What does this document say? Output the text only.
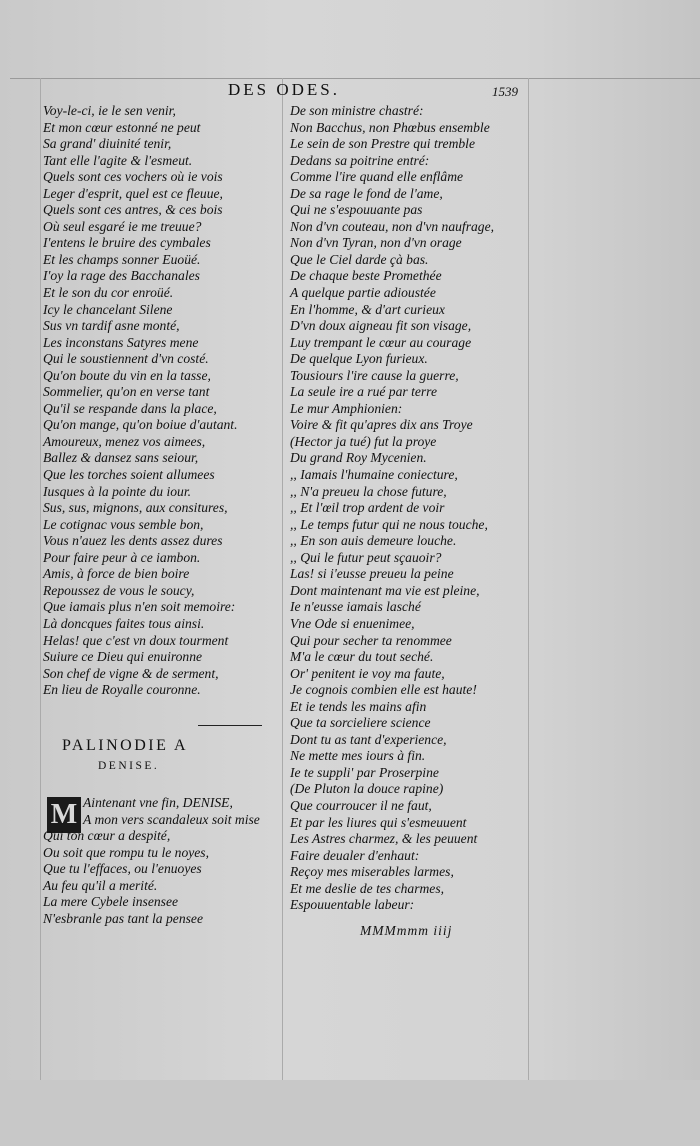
DES ODES.	1539
Voy-le-ci, ie le sen venir,
Et mon cœur estonné ne peut
Sa grand' diuinité tenir,
Tant elle l'agite & l'esmeut.
Quels sont ces vochers où ie vois
Leger d'esprit, quel est ce fleuue,
Quels sont ces antres, & ces bois
Où seul esgaré ie me treuue?
I'entens le bruire des cymbales
Et les champs sonner Euoüé.
I'oy la rage des Bacchanales
Et le son du cor enroüé.
Icy le chancelant Silene
Sus vn tardif asne monté,
Les inconstans Satyres mene
Qui le soustiennent d'vn costé.
Qu'on boute du vin en la tasse,
Sommelier, qu'on en verse tant
Qu'il se respande dans la place,
Qu'on mange, qu'on boiue d'autant.
Amoureux, menez vos aimees,
Ballez & dansez sans seiour,
Que les torches soient allumees
Iusques à la pointe du iour.
Sus, sus, mignons, aux consitures,
Le cotignac vous semble bon,
Vous n'auez les dents assez dures
Pour faire peur à ce iambon.
Amis, à force de bien boire
Repoussez de vous le soucy,
Que iamais plus n'en soit memoire:
Là doncques faites tous ainsi.
Helas! que c'est vn doux tourment
Suiure ce Dieu qui enuironne
Son chef de vigne & de serment,
En lieu de Royalle couronne.
PALINODIE A
DENISE.
M Aintenant vne fin, DENISE,
A mon vers scandaleux soit mise
Qui ton cœur a despité,
Ou soit que rompu tu le noyes,
Que tu l'effaces, ou l'enuoyes
Au feu qu'il a merité.
La mere Cybele insensee
N'esbranle pas tant la pensee
De son ministre chastré:
Non Bacchus, non Phœbus ensemble
Le sein de son Prestre qui tremble
Dedans sa poitrine entré:
Comme l'ire quand elle enflâme
De sa rage le fond de l'ame,
Qui ne s'espouuante pas
Non d'vn couteau, non d'vn naufrage,
Non d'vn Tyran, non d'vn orage
Que le Ciel darde çà bas.
De chaque beste Promethée
A quelque partie adioustée
En l'homme, & d'art curieux
D'vn doux aigneau fit son visage,
Luy trempant le cœur au courage
De quelque Lyon furieux.
Tousiours l'ire cause la guerre,
La seule ire a rué par terre
Le mur Amphionien:
Voire & fit qu'apres dix ans Troye
(Hector ja tué) fut la proye
Du grand Roy Mycenien.
,, Iamais l'humaine coniecture,
,, N'a preueu la chose future,
,, Et l'œil trop ardent de voir
,, Le temps futur qui ne nous touche,
,, En son auis demeure louche.
,, Qui le futur peut sçauoir?
Las! si i'eusse preueu la peine
Dont maintenant ma vie est pleine,
Ie n'eusse iamais lasché
Vne Ode si enuenimee,
Qui pour secher ta renommee
M'a le cœur du tout seché.
Or' penitent ie voy ma faute,
Je cognois combien elle est haute!
Et ie tends les mains afin
Que ta sorcieliere science
Dont tu as tant d'experience,
Ne mette mes iours à fin.
Ie te suppli' par Proserpine
(De Pluton la douce rapine)
Que courroucer il ne faut,
Et par les liures qui s'esmeuuent
Les Astres charmez, & les peuuent
Faire deualer d'enhaut:
Reçoy mes miserables larmes,
Et me deslie de tes charmes,
Espouuentable labeur:
MMMmmm iiij
